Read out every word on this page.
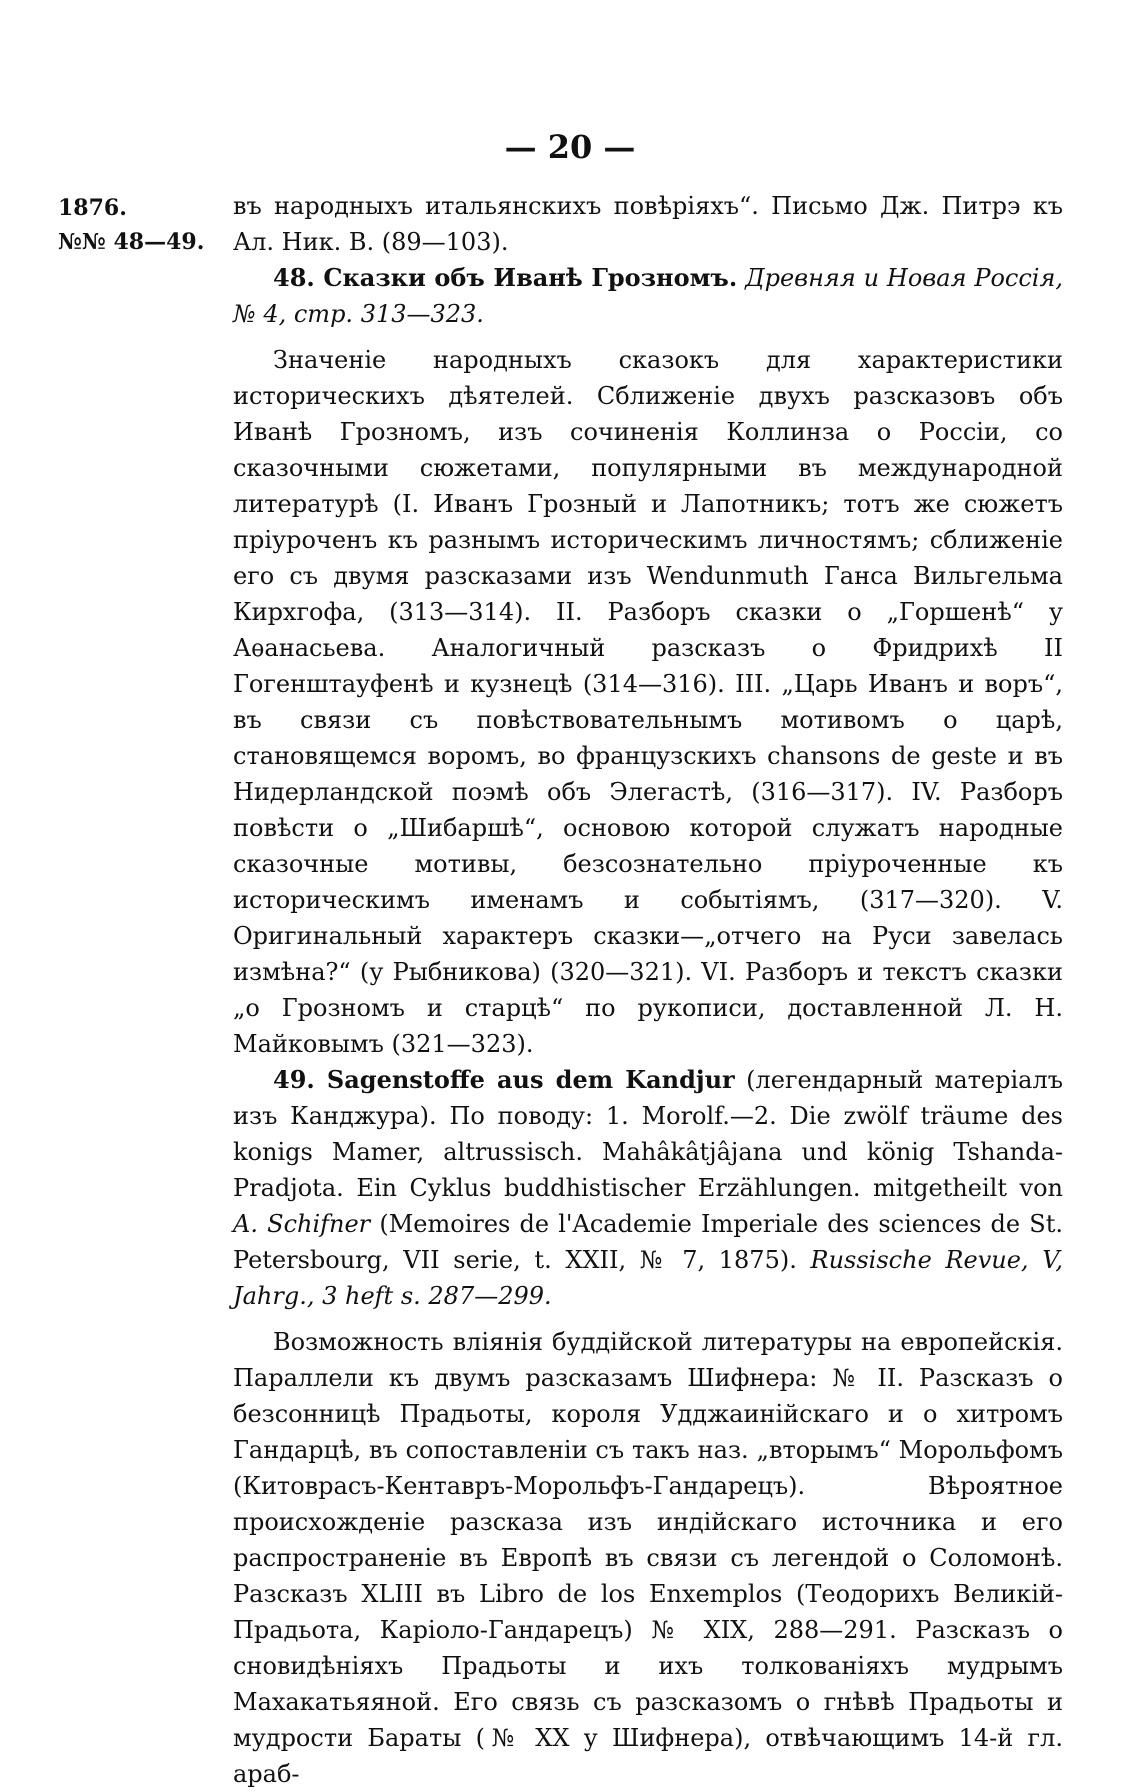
— 20 —
1876.
№№ 48—49.

въ народныхъ итальянскихъ повѣріяхъ“. Письмо Дж. Питрэ къ Ал. Ник. В. (89—103).

48. Сказки объ Иванѣ Грозномъ. Древняя и Новая Россія, № 4, стр. 313—323.

Значеніе народныхъ сказокъ для характеристики историческихъ дѣятелей. Сближеніе двухъ разсказовъ объ Иванѣ Грозномъ, изъ сочиненія Коллинза о Россіи, со сказочными сюжетами, популярными въ международной литературѣ (I. Иванъ Грозный и Лапотникъ; тотъ же сюжетъ пріуроченъ къ разнымъ историческимъ личностямъ; сближеніе его съ двумя разсказами изъ Wendunmuth Ганса Вильгельма Кирхгофа, (313—314). II. Разборъ сказки о „Горшенѣ“ у Аѳанасьева. Аналогичный разсказъ о Фридрихѣ II Гогенштауфенѣ и кузнецѣ (314—316). III. „Царь Иванъ и воръ“, въ связи съ повѣствовательнымъ мотивомъ о царѣ, становящемся воромъ, во французскихъ chansons de geste и въ Нидерландской поэмѣ объ Элегастѣ, (316—317). IV. Разборъ повѣсти о „Шибаршѣ“, основою которой служатъ народные сказочные мотивы, безсознательно пріуроченные къ историческимъ именамъ и событіямъ, (317—320). V. Оригинальный характеръ сказки—„отчего на Руси завелась измѣна?“ (у Рыбникова) (320—321). VI. Разборъ и текстъ сказки „о Грозномъ и старцѣ“ по рукописи, доставленной Л. Н. Майковымъ (321—323).

49. Sagenstoffe aus dem Kandjur (легендарный матеріалъ изъ Канджура). По поводу: 1. Morolf.—2. Die zwölf träume des konigs Mamer, altrussisch. Mahâkâtjâjana und könig Tshanda-Pradjota. Ein Cyklus buddhistischer Erzählungen. mitgetheilt von A. Schifner (Memoires de l'Academie Imperiale des sciences de St. Petersbourg, VII serie, t. XXII, № 7, 1875). Russische Revue, V, Jahrg., 3 heft s. 287—299.

Возможность вліянія буддійской литературы на европейскія. Параллели къ двумъ разсказамъ Шифнера: № II. Разсказъ о безсонницѣ Прадьоты, короля Удджаинійскаго и о хитромъ Гандарцѣ, въ сопоставленіи съ такъ наз. „вторымъ“ Морольфомъ (Китоврасъ-Кентавръ-Морольфъ-Гандарецъ). Вѣроятное происхожденіе разсказа изъ индійскаго источника и его распространеніе въ Европѣ въ связи съ легендой о Соломонѣ. Разсказъ XLIII въ Libro de los Enxemplos (Теодорихъ Великій-Прадьота, Каріоло-Гандарецъ) № XIX, 288—291. Разсказъ о сновидѣніяхъ Прадьоты и ихъ толкованіяхъ мудрымъ Махакатьяяной. Его связь съ разсказомъ о гнѣвѣ Прадьоты и мудрости Бараты (№ XX у Шифнера), отвѣчающимъ 14-й гл. араб-
